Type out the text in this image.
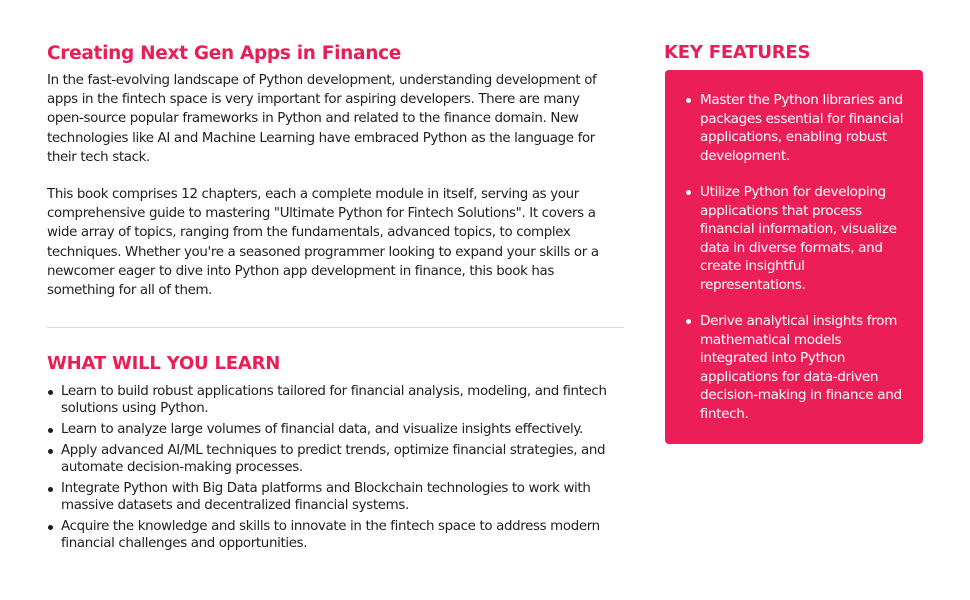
Creating Next Gen Apps in Finance

In the fast-evolving landscape of Python development, understanding development of apps in the fintech space is very important for aspiring developers. There are many open-source popular frameworks in Python and related to the finance domain. New technologies like AI and Machine Learning have embraced Python as the language for their tech stack.

This book comprises 12 chapters, each a complete module in itself, serving as your comprehensive guide to mastering "Ultimate Python for Fintech Solutions". It covers a wide array of topics, ranging from the fundamentals, advanced topics, to complex techniques. Whether you're a seasoned programmer looking to expand your skills or a newcomer eager to dive into Python app development in finance, this book has something for all of them.

WHAT WILL YOU LEARN
Learn to build robust applications tailored for financial analysis, modeling, and fintech solutions using Python.
Learn to analyze large volumes of financial data, and visualize insights effectively.
Apply advanced AI/ML techniques to predict trends, optimize financial strategies, and automate decision-making processes.
Integrate Python with Big Data platforms and Blockchain technologies to work with massive datasets and decentralized financial systems.
Acquire the knowledge and skills to innovate in the fintech space to address modern financial challenges and opportunities.
KEY FEATURES
Master the Python libraries and packages essential for financial applications, enabling robust development.
Utilize Python for developing applications that process financial information, visualize data in diverse formats, and create insightful representations.
Derive analytical insights from mathematical models integrated into Python applications for data-driven decision-making in finance and fintech.
